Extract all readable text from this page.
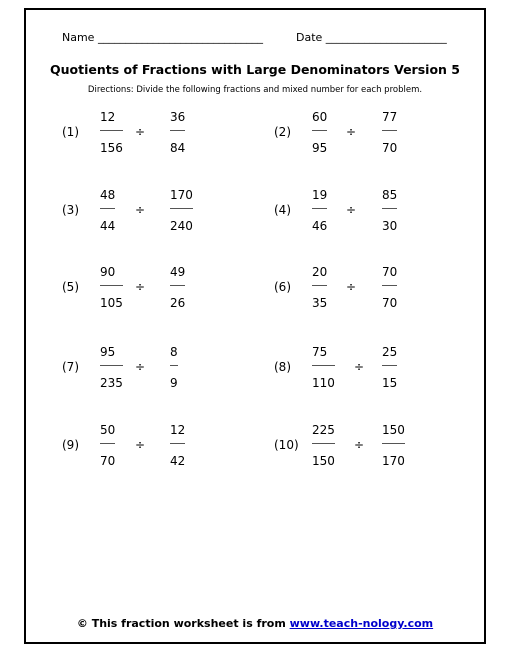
Name ______________________________	Date ______________________
Quotients of Fractions with Large Denominators Version 5
Directions: Divide the following fractions and mixed number for each problem.
(1)
12
156
÷
36
84
(2)
60
95
÷
77
70
(3)
48
44
÷
170
240
(4)
19
46
÷
85
30
(5)
90
105
÷
49
26
(6)
20
35
÷
70
70
(7)
95
235
÷
8
9
(8)
75
110
÷
25
15
(9)
50
70
÷
12
42
(10)
225
150
÷
150
170
© This fraction worksheet is from www.teach-nology.com
